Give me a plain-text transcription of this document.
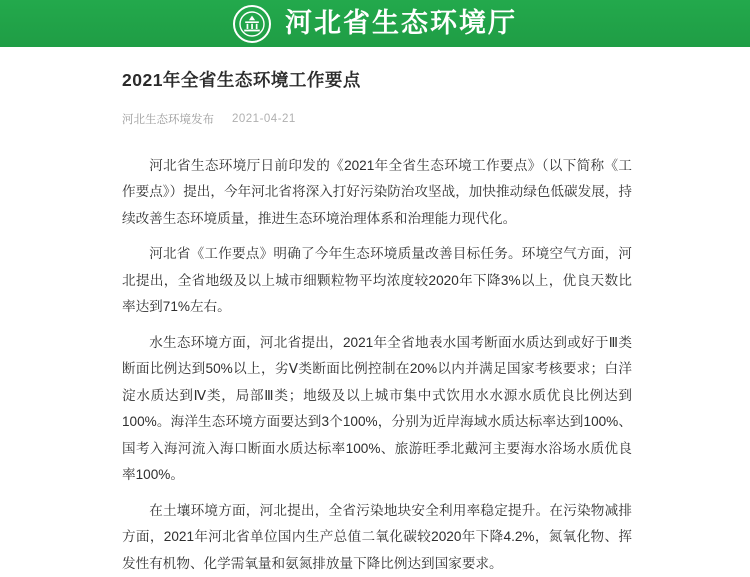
河北省生态环境厅
2021年全省生态环境工作要点
河北生态环境发布 2021-04-21

河北省生态环境厅日前印发的《2021年全省生态环境工作要点》（以下简称《工作要点》）提出，今年河北省将深入打好污染防治攻坚战，加快推动绿色低碳发展，持续改善生态环境质量，推进生态环境治理体系和治理能力现代化。

河北省《工作要点》明确了今年生态环境质量改善目标任务。环境空气方面，河北提出，全省地级及以上城市细颗粒物平均浓度较2020年下降3%以上，优良天数比率达到71%左右。

水生态环境方面，河北省提出，2021年全省地表水国考断面水质达到或好于Ⅲ类断面比例达到50%以上，劣Ⅴ类断面比例控制在20%以内并满足国家考核要求；白洋淀水质达到Ⅳ类，局部Ⅲ类；地级及以上城市集中式饮用水水源水质优良比例达到100%。海洋生态环境方面要达到3个100%，分别为近岸海域水质达标率达到100%、国考入海河流入海口断面水质达标率100%、旅游旺季北戴河主要海水浴场水质优良率100%。

在土壤环境方面，河北提出，全省污染地块安全利用率稳定提升。在污染物减排方面，2021年河北省单位国内生产总值二氧化碳较2020年下降4.2%，氮氧化物、挥发性有机物、化学需氧量和氨氮排放量下降比例达到国家要求。
